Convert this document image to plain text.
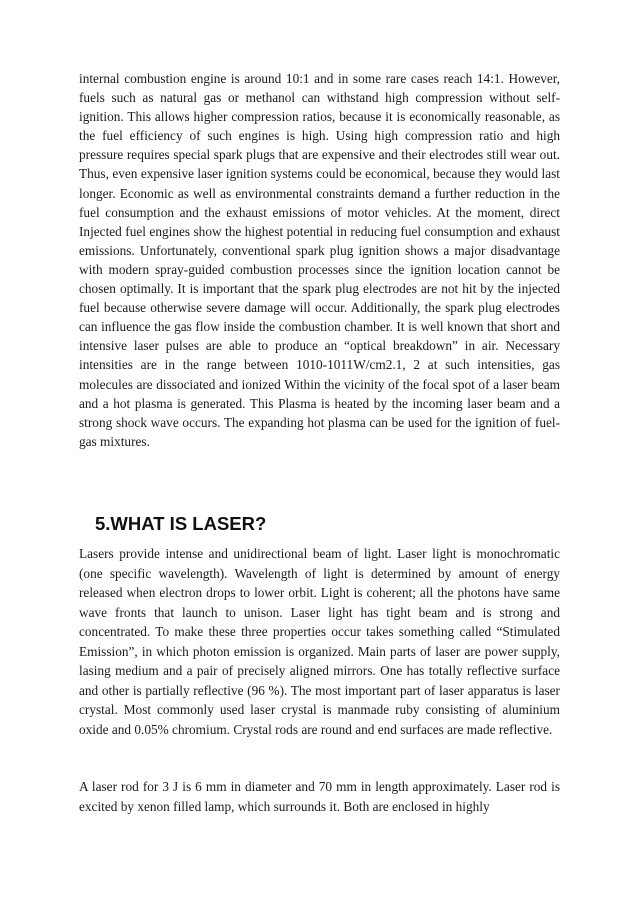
internal combustion engine is around 10:1 and in some rare cases reach 14:1. However, fuels such as natural gas or methanol can withstand high compression without self-ignition. This allows higher compression ratios, because it is economically reasonable, as the fuel efficiency of such engines is high. Using high compression ratio and high pressure requires special spark plugs that are expensive and their electrodes still wear out. Thus, even expensive laser ignition systems could be economical, because they would last longer. Economic as well as environmental constraints demand a further reduction in the fuel consumption and the exhaust emissions of motor vehicles. At the moment, direct Injected fuel engines show the highest potential in reducing fuel consumption and exhaust emissions. Unfortunately, conventional spark plug ignition shows a major disadvantage with modern spray-guided combustion processes since the ignition location cannot be chosen optimally. It is important that the spark plug electrodes are not hit by the injected fuel because otherwise severe damage will occur. Additionally, the spark plug electrodes can influence the gas flow inside the combustion chamber. It is well known that short and intensive laser pulses are able to produce an “optical breakdown” in air. Necessary intensities are in the range between 1010-1011W/cm2.1, 2 at such intensities, gas molecules are dissociated and ionized Within the vicinity of the focal spot of a laser beam and a hot plasma is generated. This Plasma is heated by the incoming laser beam and a strong shock wave occurs. The expanding hot plasma can be used for the ignition of fuel-gas mixtures.

5.WHAT IS LASER?

Lasers provide intense and unidirectional beam of light. Laser light is monochromatic (one specific wavelength). Wavelength of light is determined by amount of energy released when electron drops to lower orbit. Light is coherent; all the photons have same wave fronts that launch to unison. Laser light has tight beam and is strong and concentrated. To make these three properties occur takes something called “Stimulated Emission”, in which photon emission is organized. Main parts of laser are power supply, lasing medium and a pair of precisely aligned mirrors. One has totally reflective surface and other is partially reflective (96 %). The most important part of laser apparatus is laser crystal. Most commonly used laser crystal is manmade ruby consisting of aluminium oxide and 0.05% chromium. Crystal rods are round and end surfaces are made reflective.

A laser rod for 3 J is 6 mm in diameter and 70 mm in length approximately. Laser rod is excited by xenon filled lamp, which surrounds it. Both are enclosed in highly
